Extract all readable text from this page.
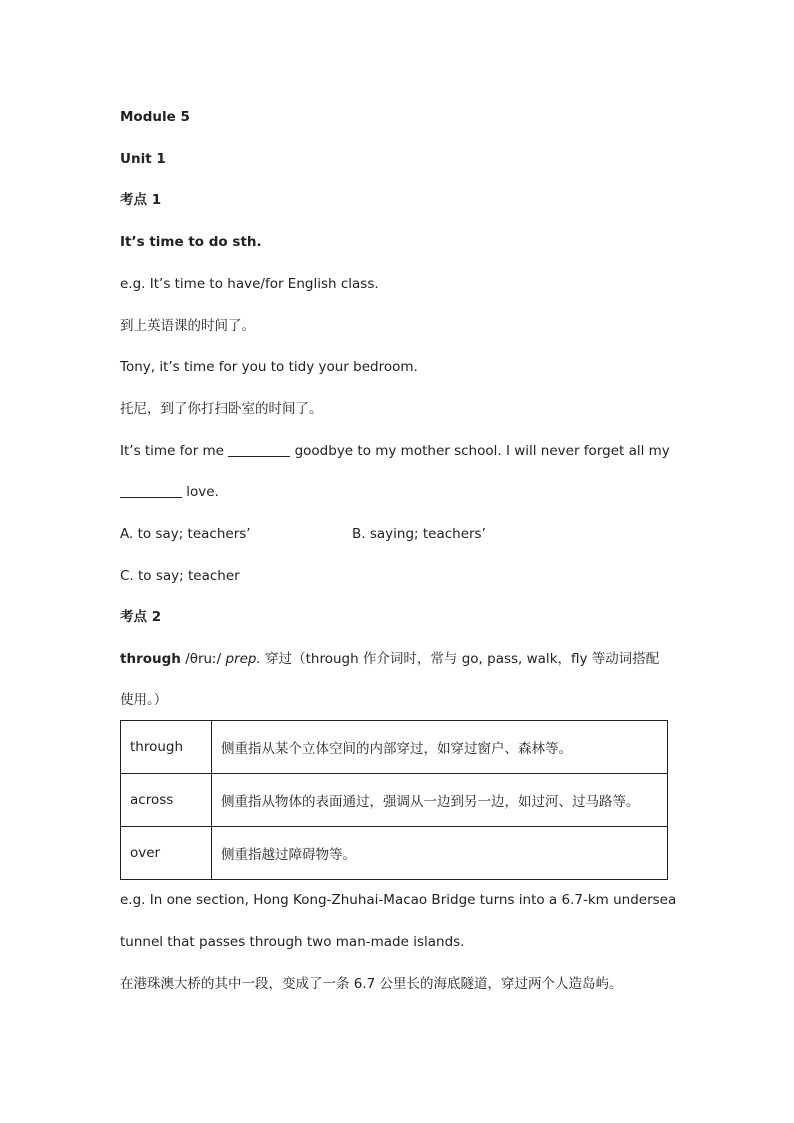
Module 5
Unit 1
考点 1
It’s time to do sth.
e.g. It’s time to have/for English class.
到上英语课的时间了。
Tony, it’s time for you to tidy your bedroom.
托尼，到了你打扫卧室的时间了。
It’s time for me	goodbye to my mother school. I will never forget all my
love.
A. to say; teachers’	B. saying; teachers’
C. to say; teacher
考点 2
through /θruː/ prep. 穿过（through 作介词时，常与 go, pass, walk，fly 等动词搭配
使用。）
through	侧重指从某个立体空间的内部穿过，如穿过窗户、森林等。
across	侧重指从物体的表面通过，强调从一边到另一边，如过河、过马路等。
over	侧重指越过障碍物等。
e.g. In one section, Hong Kong-Zhuhai-Macao Bridge turns into a 6.7-km undersea
tunnel that passes through two man-made islands.
在港珠澳大桥的其中一段，变成了一条 6.7 公里长的海底隧道，穿过两个人造岛屿。
